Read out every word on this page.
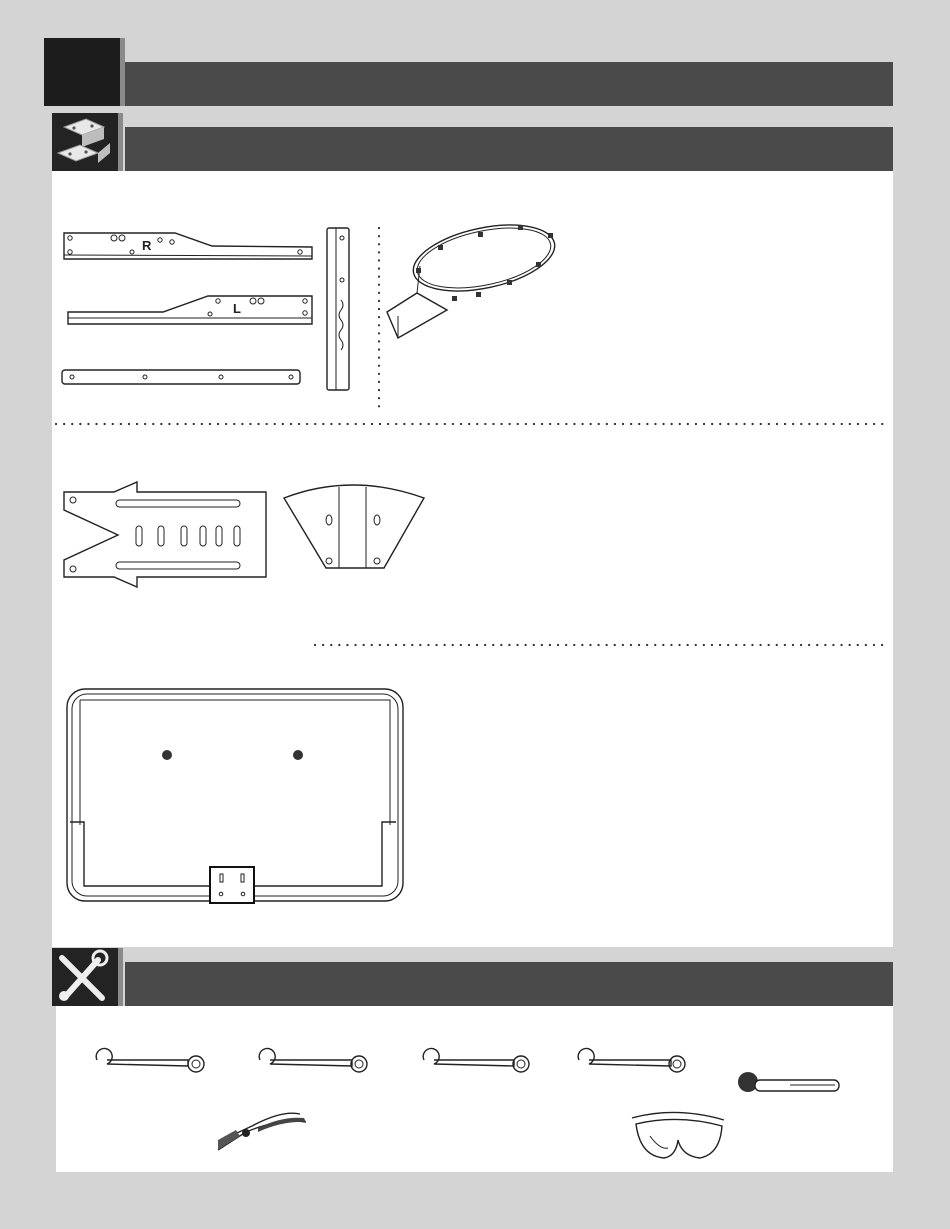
R
L
